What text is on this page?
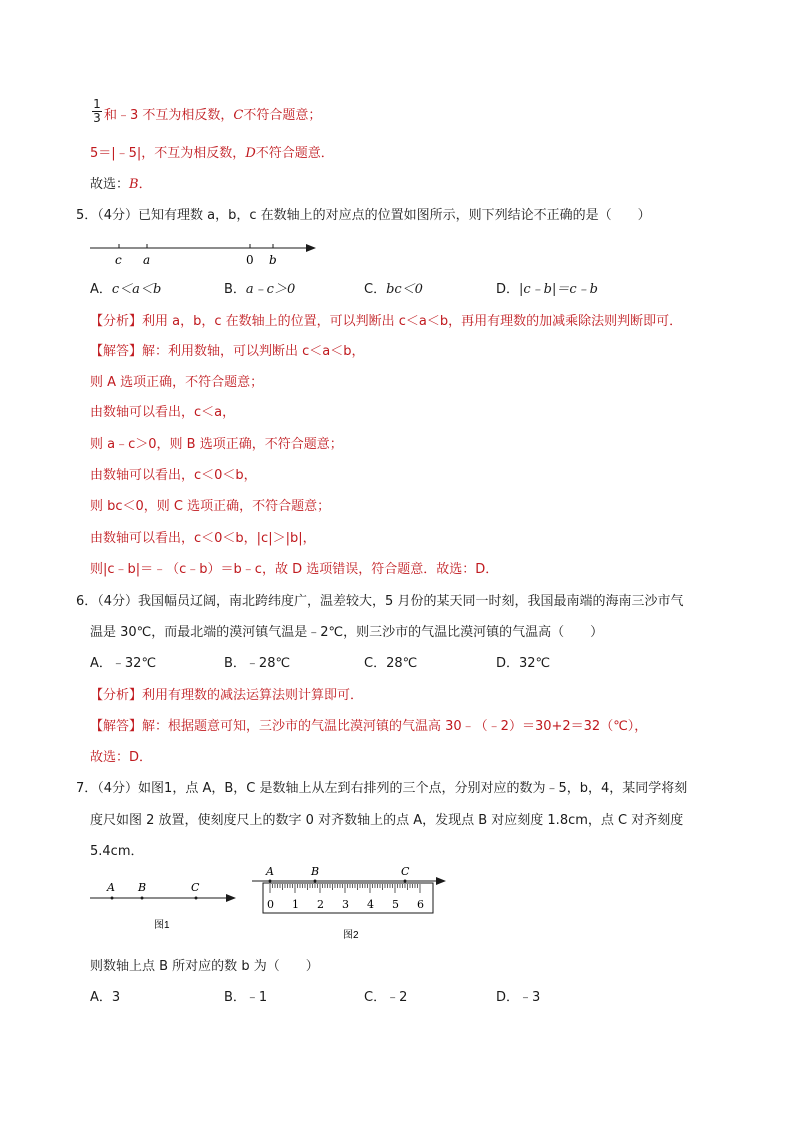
1
3 和﹣3 不互为相反数，C不符合题意；
5＝|﹣5|，不互为相反数，D不符合题意．
故选：B．
5．（4分）已知有理数 a，b，c 在数轴上的对应点的位置如图所示，则下列结论不正确的是（　　）
c a	0 b
A．c＜a＜b	B．a﹣c＞0	C．bc＜0	D．|c﹣b|＝c﹣b
【分析】利用 a，b，c 在数轴上的位置，可以判断出 c＜a＜b，再用有理数的加减乘除法则判断即可．
【解答】解：利用数轴，可以判断出 c＜a＜b，
则 A 选项正确，不符合题意；
由数轴可以看出，c＜a，
则 a﹣c＞0，则 B 选项正确，不符合题意；
由数轴可以看出，c＜0＜b，
则 bc＜0，则 C 选项正确，不符合题意；
由数轴可以看出，c＜0＜b，|c|＞|b|，
则|c﹣b|＝﹣（c﹣b）＝b﹣c，故 D 选项错误，符合题意．故选：D．
6．（4分）我国幅员辽阔，南北跨纬度广，温差较大，5 月份的某天同一时刻，我国最南端的海南三沙市气
温是 30℃，而最北端的漠河镇气温是﹣2℃，则三沙市的气温比漠河镇的气温高（　　）
A．﹣32℃	B．﹣28℃	C．28℃	D．32℃
【分析】利用有理数的减法运算法则计算即可．
【解答】解：根据题意可知，三沙市的气温比漠河镇的气温高 30﹣（﹣2）＝30+2＝32（℃），
故选：D．
7．（4分）如图1，点 A，B，C 是数轴上从左到右排列的三个点，分别对应的数为﹣5，b，4，某同学将刻
度尺如图 2 放置，使刻度尺上的数字 0 对齐数轴上的点 A，发现点 B 对应刻度 1.8cm，点 C 对齐刻度
5.4cm．
A B	C
图1
A	B	C
0 1 2 3 4 5 6
图2
则数轴上点 B 所对应的数 b 为（　　）
A．3	B．﹣1	C．﹣2	D．﹣3
